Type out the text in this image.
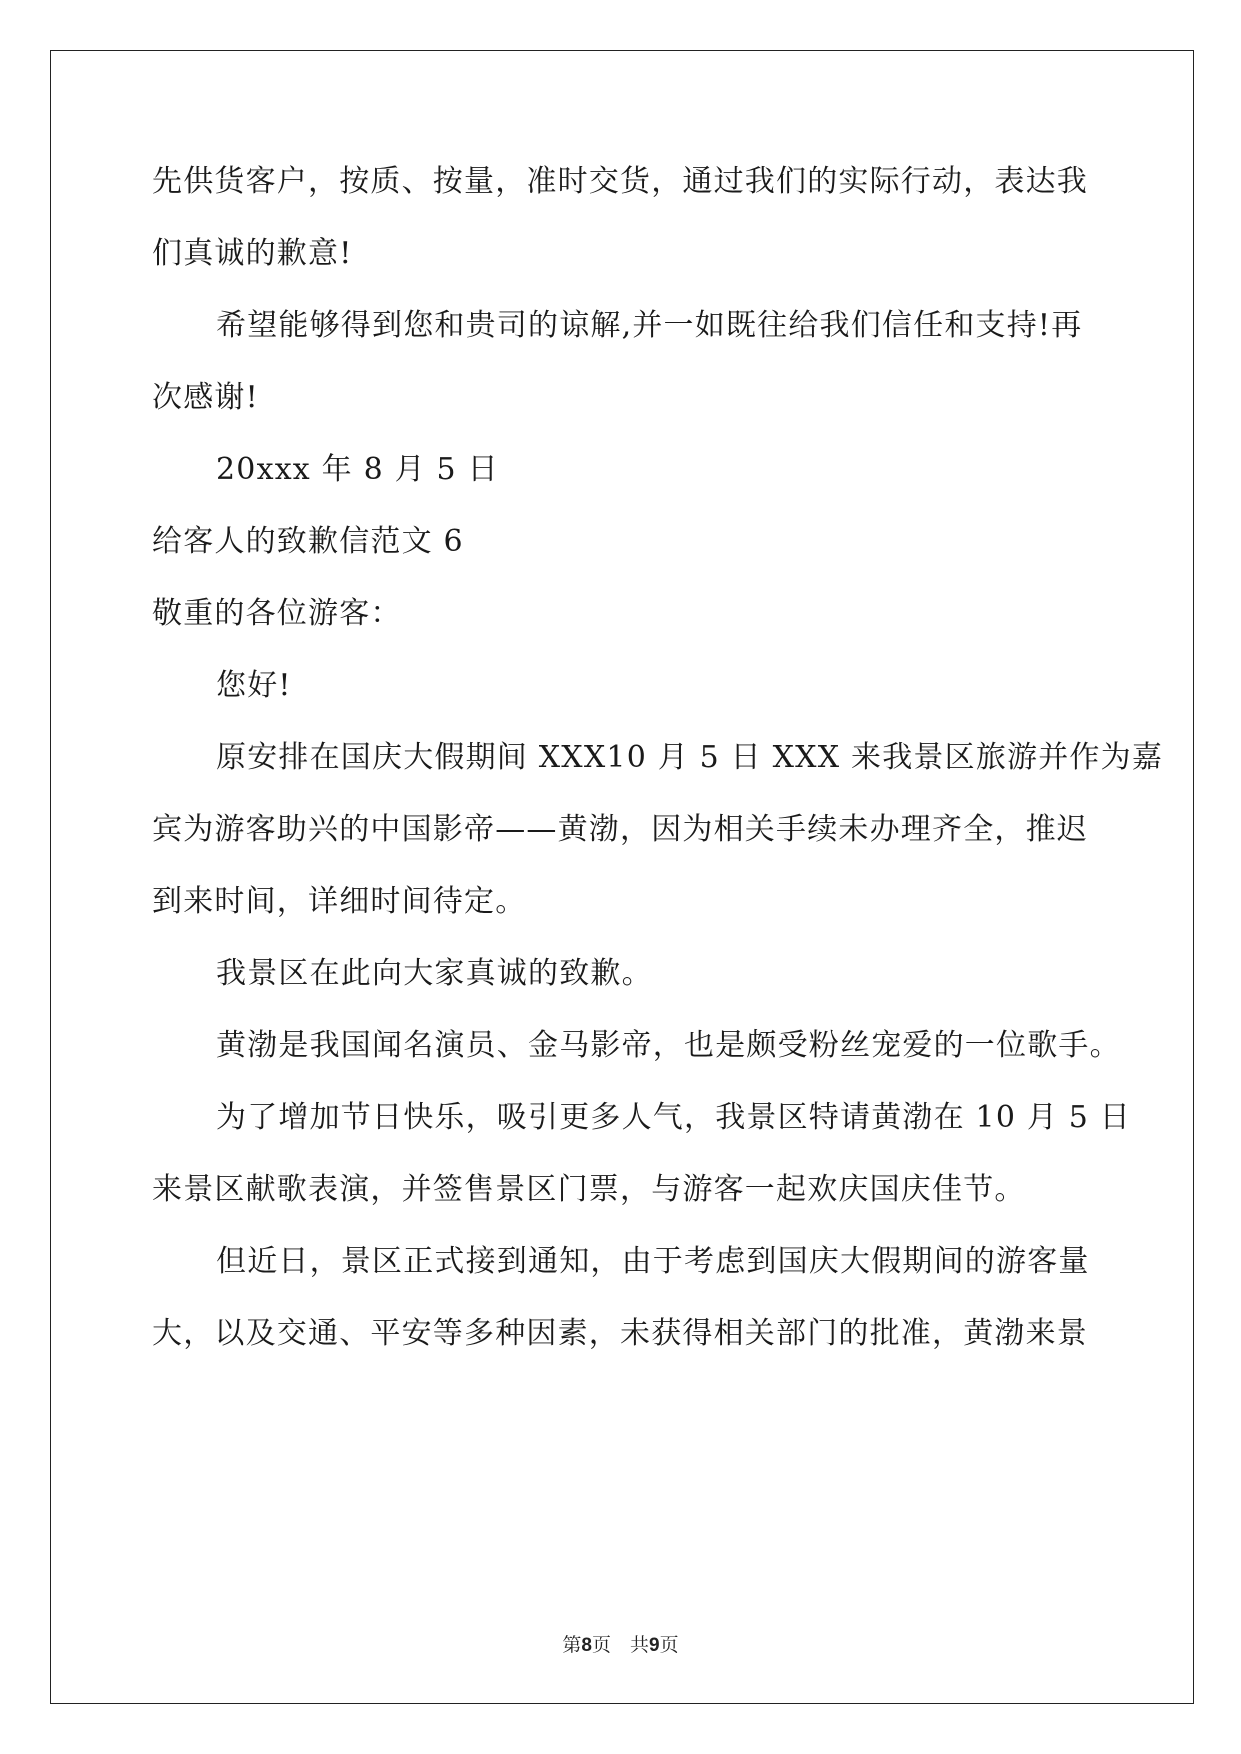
先供货客户，按质、按量，准时交货，通过我们的实际行动，表达我
们真诚的歉意!
希望能够得到您和贵司的谅解,并一如既往给我们信任和支持!再
次感谢!
20xxx 年 8 月 5 日
给客人的致歉信范文 6
敬重的各位游客：
您好!
原安排在国庆大假期间 XXX10 月 5 日 XXX 来我景区旅游并作为嘉
宾为游客助兴的中国影帝——黄渤，因为相关手续未办理齐全，推迟
到来时间，详细时间待定。
我景区在此向大家真诚的致歉。
黄渤是我国闻名演员、金马影帝，也是颇受粉丝宠爱的一位歌手。
为了增加节日快乐，吸引更多人气，我景区特请黄渤在 10 月 5 日
来景区献歌表演，并签售景区门票，与游客一起欢庆国庆佳节。
但近日，景区正式接到通知，由于考虑到国庆大假期间的游客量
大，以及交通、平安等多种因素，未获得相关部门的批准，黄渤来景
第8页　共9页
